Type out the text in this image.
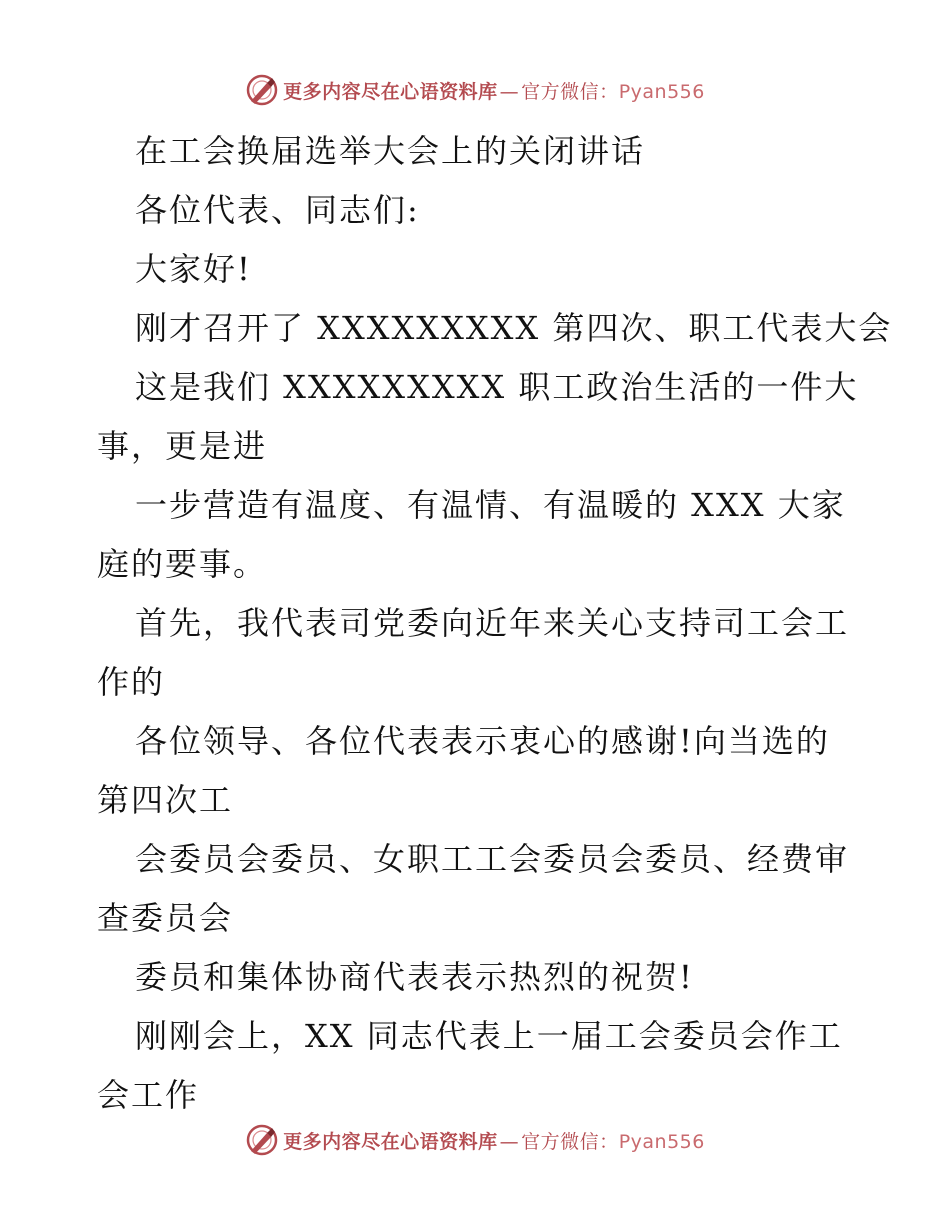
更多内容尽在心语资料库 — 官方微信：Pyan556
在工会换届选举大会上的关闭讲话
各位代表、同志们:
大家好!
刚才召开了 XXXXXXXXX 第四次、职工代表大会
这是我们 XXXXXXXXX 职工政治生活的一件大
事，更是进
一步营造有温度、有温情、有温暖的 XXX 大家
庭的要事。
首先，我代表司党委向近年来关心支持司工会工
作的
各位领导、各位代表表示衷心的感谢!向当选的
第四次工
会委员会委员、女职工工会委员会委员、经费审
查委员会
委员和集体协商代表表示热烈的祝贺!
刚刚会上，XX 同志代表上一届工会委员会作工
会工作
更多内容尽在心语资料库 — 官方微信：Pyan556
